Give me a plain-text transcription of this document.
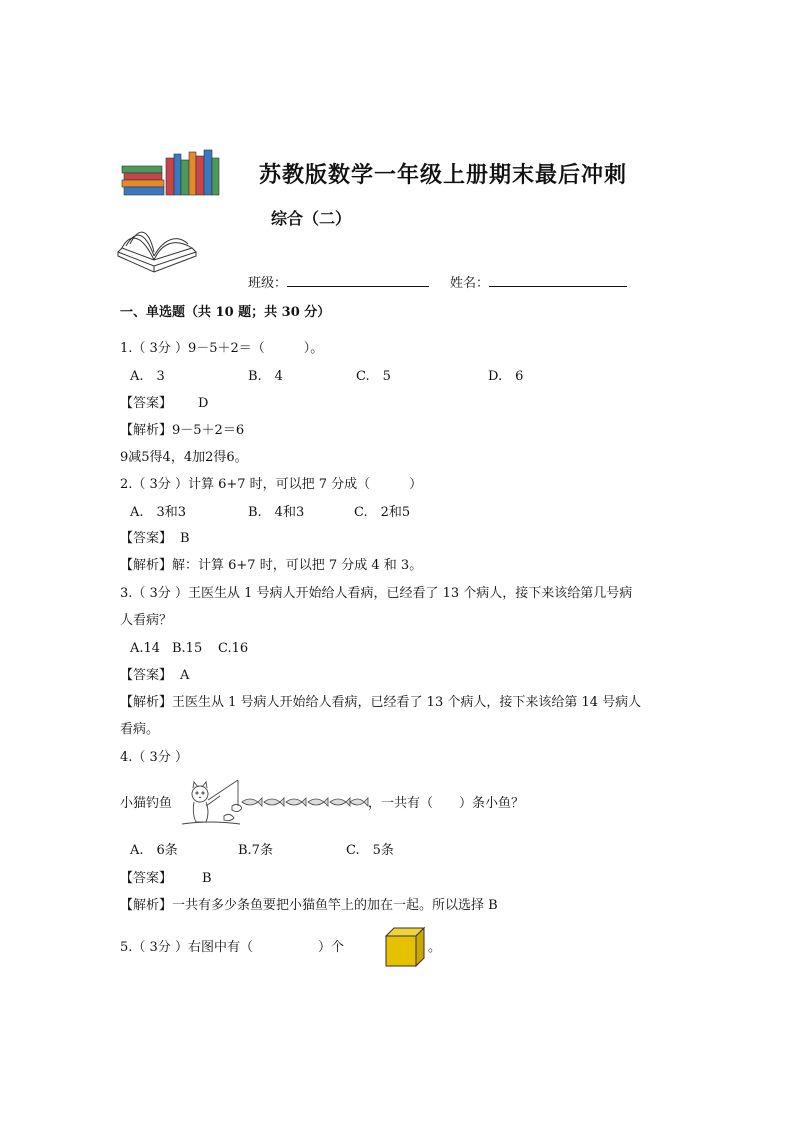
苏教版数学一年级上册期末最后冲刺
综合（二）
班级：	姓名：
一、单选题（共 10 题；共 30 分）
1.（ 3分 ）9－5＋2＝（　　　）。
A.　3	B.　4	C.　5	D.　6
【答案】 D
【解析】9－5＋2＝6
9减5得4，4加2得6。
2.（ 3分 ）计算 6+7 时，可以把 7 分成（　　　）
A.　3和3	B.　4和3	C.　2和5
【答案】 B
【解析】解：计算 6+7 时，可以把 7 分成 4 和 3。
3.（ 3分 ）王医生从 1 号病人开始给人看病，已经看了 13 个病人，接下来该给第几号病
人看病？
A.14 B.15 C.16
【答案】 A
【解析】王医生从 1 号病人开始给人看病，已经看了 13 个病人，接下来该给第 14 号病人
看病。
4.（ 3分 ）
小猫钓鱼	，一共有（　　）条小鱼？
A.　6条	B.7条	C.　5条
【答案】 B
【解析】一共有多少条鱼要把小猫鱼竿上的加在一起。所以选择 B
5.（ 3分 ）右图中有（　　　　　）个	。
